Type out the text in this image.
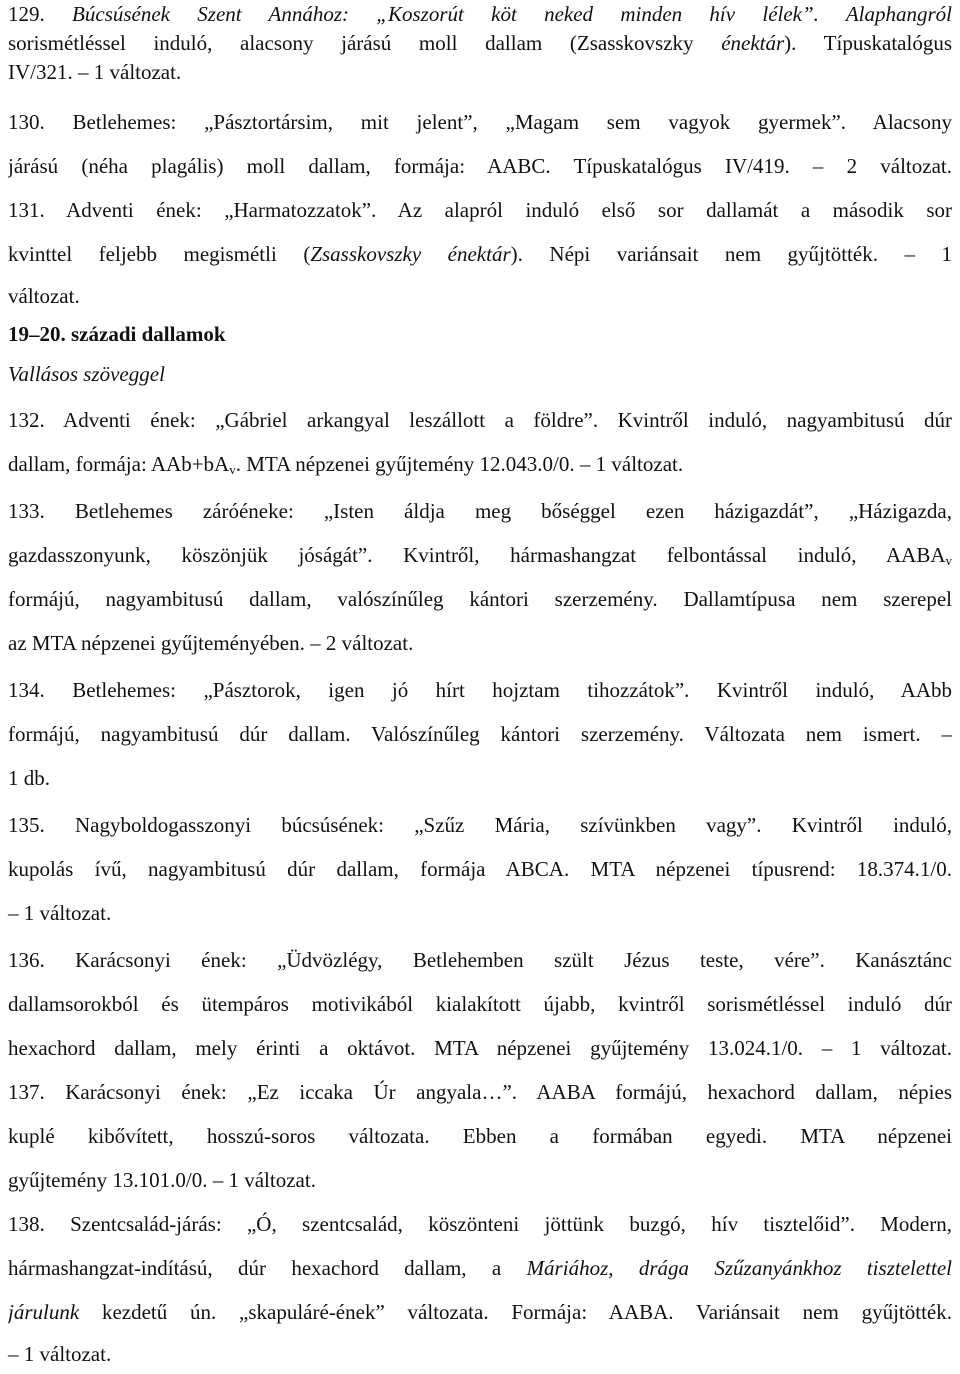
129. Búcsúsének Szent Annához: „Koszorút köt neked minden hív lélek”. Alaphangról
sorismétléssel induló, alacsony járású moll dallam (Zsasskovszky énektár). Típuskatalógus
IV/321. – 1 változat.
130. Betlehemes: „Pásztortársim, mit jelent”, „Magam sem vagyok gyermek”. Alacsony
járású (néha plagális) moll dallam, formája: AABC. Típuskatalógus IV/419. – 2 változat.
131. Adventi ének: „Harmatozzatok”. Az alapról induló első sor dallamát a második sor
kvinttel feljebb megismétli (Zsasskovszky énektár). Népi variánsait nem gyűjtötték. – 1
változat.
19–20. századi dallamok
Vallásos szöveggel
132. Adventi ének: „Gábriel arkangyal leszállott a földre”. Kvintről induló, nagyambitusú dúr
dallam, formája: $AAb+bA_v$. MTA népzenei gyűjtemény 12.043.0/0. – 1 változat.
133. Betlehemes záróéneke: „Isten áldja meg bőséggel ezen házigazdát”, „Házigazda,
gazdasszonyunk, köszönjük jóságát”. Kvintről, hármashangzat felbontással induló, $AABA_v$
formájú, nagyambitusú dallam, valószínűleg kántori szerzemény. Dallamtípusa nem szerepel
az MTA népzenei gyűjteményében. – 2 változat.
134. Betlehemes: „Pásztorok, igen jó hírt hojztam tihozzátok”. Kvintről induló, AAbb
formájú, nagyambitusú dúr dallam. Valószínűleg kántori szerzemény. Változata nem ismert. –
1 db.
135. Nagyboldogasszonyi búcsúsének: „Szűz Mária, szívünkben vagy”. Kvintről induló,
kupolás ívű, nagyambitusú dúr dallam, formája ABCA. MTA népzenei típusrend: 18.374.1/0.
– 1 változat.
136. Karácsonyi ének: „Üdvözlégy, Betlehemben szült Jézus teste, vére”. Kanásztánc
dallamsorokból és ütempáros motivikából kialakított újabb, kvintről sorismétléssel induló dúr
hexachord dallam, mely érinti a oktávot. MTA népzenei gyűjtemény 13.024.1/0. – 1 változat.
137. Karácsonyi ének: „Ez iccaka Úr angyala…”. AABA formájú, hexachord dallam, népies
kuplé kibővített, hosszú-soros változata. Ebben a formában egyedi. MTA népzenei
gyűjtemény 13.101.0/0. – 1 változat.
138. Szentcsalád-járás: „Ó, szentcsalád, köszönteni jöttünk buzgó, hív tisztelőid”. Modern,
hármashangzat-indítású, dúr hexachord dallam, a Máriához, drága Szűzanyánkhoz tisztelettel
járulunk kezdetű ún. „skapuláré-ének” változata. Formája: AABA. Variánsait nem gyűjtötték.
– 1 változat.
